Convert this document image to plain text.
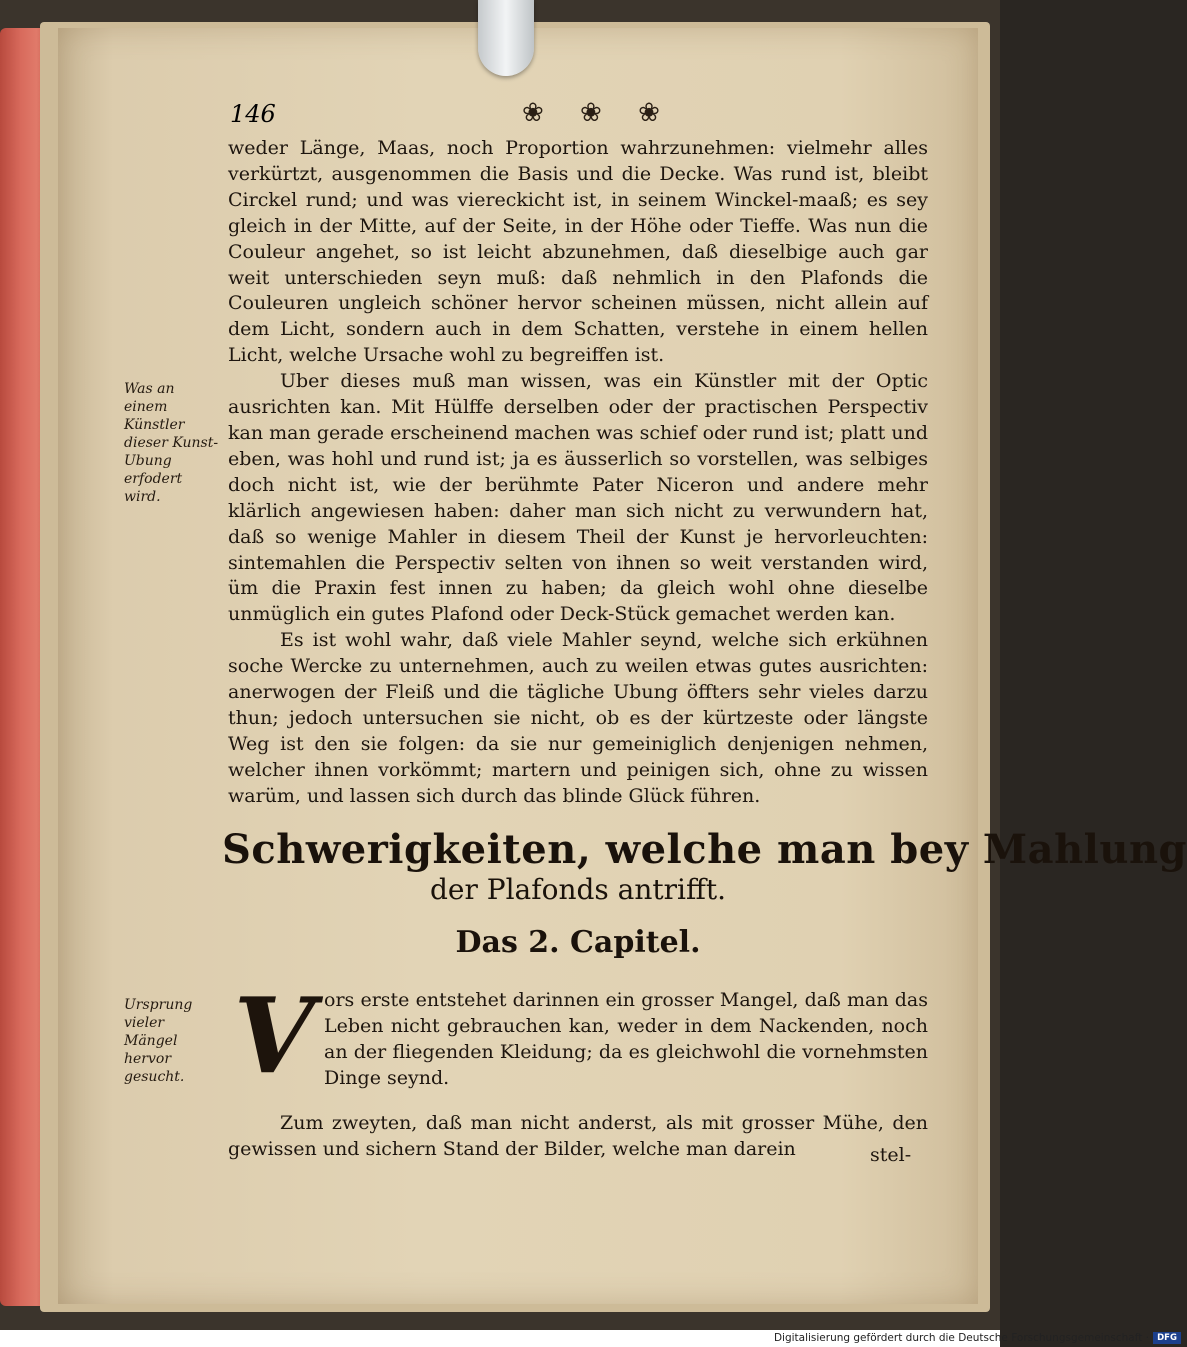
146	❀ ❀ ❀

weder Länge, Maas, noch Proportion wahrzunehmen: vielmehr alles verkürtzt, ausgenommen die Basis und die Decke. Was rund ist, bleibt Circkel rund; und was viereckicht ist, in seinem Winckel-maaß; es sey gleich in der Mitte, auf der Seite, in der Höhe oder Tieffe. Was nun die Couleur angehet, so ist leicht abzunehmen, daß dieselbige auch gar weit unterschieden seyn muß: daß nehmlich in den Plafonds die Couleuren ungleich schöner hervor scheinen müssen, nicht allein auf dem Licht, sondern auch in dem Schatten, verstehe in einem hellen Licht, welche Ursache wohl zu begreiffen ist.

Uber dieses muß man wissen, was ein Künstler mit der Optic ausrichten kan. Mit Hülffe derselben oder der practischen Perspectiv kan man gerade erscheinend machen was schief oder rund ist; platt und eben, was hohl und rund ist; ja es äusserlich so vorstellen, was selbiges doch nicht ist, wie der berühmte Pater Niceron und andere mehr klärlich angewiesen haben: daher man sich nicht zu verwundern hat, daß so wenige Mahler in diesem Theil der Kunst je hervorleuchten: sintemahlen die Perspectiv selten von ihnen so weit verstanden wird, üm die Praxin fest innen zu haben; da gleich wohl ohne dieselbe unmüglich ein gutes Plafond oder Deck-Stück gemachet werden kan.

Es ist wohl wahr, daß viele Mahler seynd, welche sich erkühnen soche Wercke zu unternehmen, auch zu weilen etwas gutes ausrichten: anerwogen der Fleiß und die tägliche Ubung öffters sehr vieles darzu thun; jedoch untersuchen sie nicht, ob es der kürtzeste oder längste Weg ist den sie folgen: da sie nur gemeiniglich denjenigen nehmen, welcher ihnen vorkömmt; martern und peinigen sich, ohne zu wissen warüm, und lassen sich durch das blinde Glück führen.

Was an einem Künstler dieser Kunst-Ubung erfodert wird.
Schwerigkeiten, welche man bey Mahlung
der Plafonds antrifft.
Das 2. Capitel.
Ursprung vieler Mängel hervor gesucht. V ors erste entstehet darinnen ein grosser Mangel, daß man das Leben nicht gebrauchen kan, weder in dem Nackenden, noch an der fliegenden Kleidung; da es gleichwohl die vornehmsten Dinge seynd.

Zum zweyten, daß man nicht anderst, als mit grosser Mühe, den gewissen und sichern Stand der Bilder, welche man darein	stel-
Digitalisierung gefördert durch die Deutsche Forschungsgemeinschaft · DFG
